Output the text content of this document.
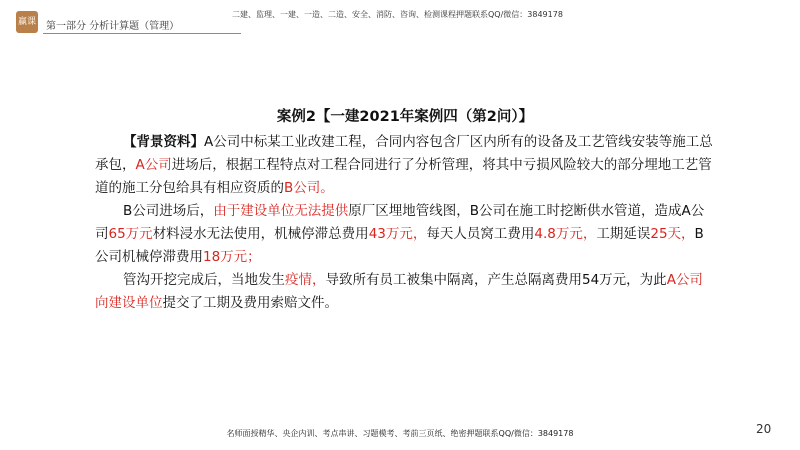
赢课 第一部分 分析计算题（管理）
二建、监理、一建、一造、二造、安全、消防、咨询、检测课程押题联系QQ/微信：3849178
案例2【一建2021年案例四（第2问）】

【背景资料】A公司中标某工业改建工程，合同内容包含厂区内所有的设备及工艺管线安装等施工总承包，A公司进场后，根据工程特点对工程合同进行了分析管理，将其中亏损风险较大的部分埋地工艺管道的施工分包给具有相应资质的B公司。

B公司进场后，由于建设单位无法提供原厂区埋地管线图，B公司在施工时挖断供水管道，造成A公司65万元材料浸水无法使用，机械停滞总费用43万元，每天人员窝工费用4.8万元，工期延误25天，B公司机械停滞费用18万元；

管沟开挖完成后，当地发生疫情，导致所有员工被集中隔离，产生总隔离费用54万元，为此A公司向建设单位提交了工期及费用索赔文件。

名师面授精华、央企内训、考点串讲、习题模考、考前三页纸、绝密押题联系QQ/微信：3849178	20
